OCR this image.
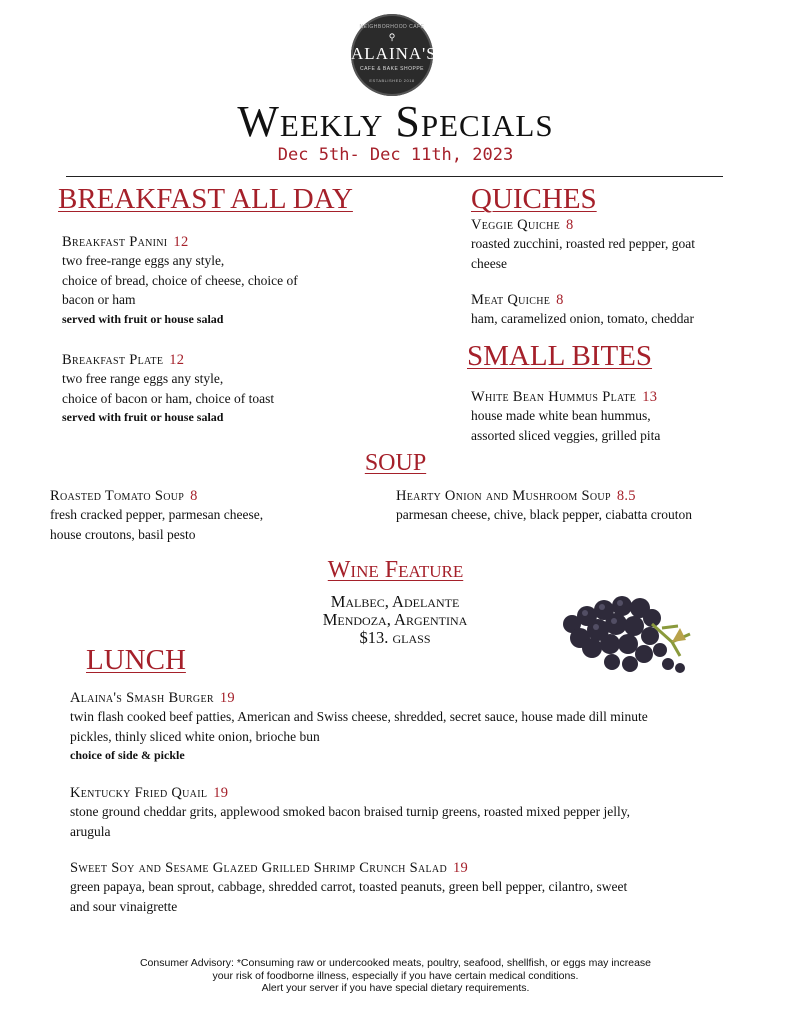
NEIGHBORHOOD CAFE
⚲
ALAINA'S
CAFE & BAKE SHOPPE
ESTABLISHED 2018
Weekly Specials
Dec 5th- Dec 11th, 2023
BREAKFAST ALL DAY
Breakfast Panini 12
two free-range eggs any style,
choice of bread, choice of cheese, choice of
bacon or ham
served with fruit or house salad
Breakfast Plate 12
two free range eggs any style,
choice of bacon or ham, choice of toast
served with fruit or house salad
QUICHES
Veggie Quiche 8
roasted zucchini, roasted red pepper, goat
cheese
Meat Quiche 8
ham, caramelized onion, tomato, cheddar
SMALL BITES
White Bean Hummus Plate 13
house made white bean hummus,
assorted sliced veggies, grilled pita
SOUP
Roasted Tomato Soup 8
fresh cracked pepper, parmesan cheese,
house croutons, basil pesto
Hearty Onion and Mushroom Soup 8.5
parmesan cheese, chive, black pepper, ciabatta crouton
Wine Feature
Malbec, Adelante
Mendoza, Argentina
$13. glass
LUNCH
Alaina's Smash Burger 19
twin flash cooked beef patties, American and Swiss cheese, shredded, secret sauce, house made dill minute
pickles, thinly sliced white onion, brioche bun
choice of side & pickle
Kentucky Fried Quail 19
stone ground cheddar grits, applewood smoked bacon braised turnip greens, roasted mixed pepper jelly,
arugula
Sweet Soy and Sesame Glazed Grilled Shrimp Crunch Salad 19
green papaya, bean sprout, cabbage, shredded carrot, toasted peanuts, green bell pepper, cilantro, sweet
and sour vinaigrette
Consumer Advisory: *Consuming raw or undercooked meats, poultry, seafood, shellfish, or eggs may increase
your risk of foodborne illness, especially if you have certain medical conditions.
Alert your server if you have special dietary requirements.
